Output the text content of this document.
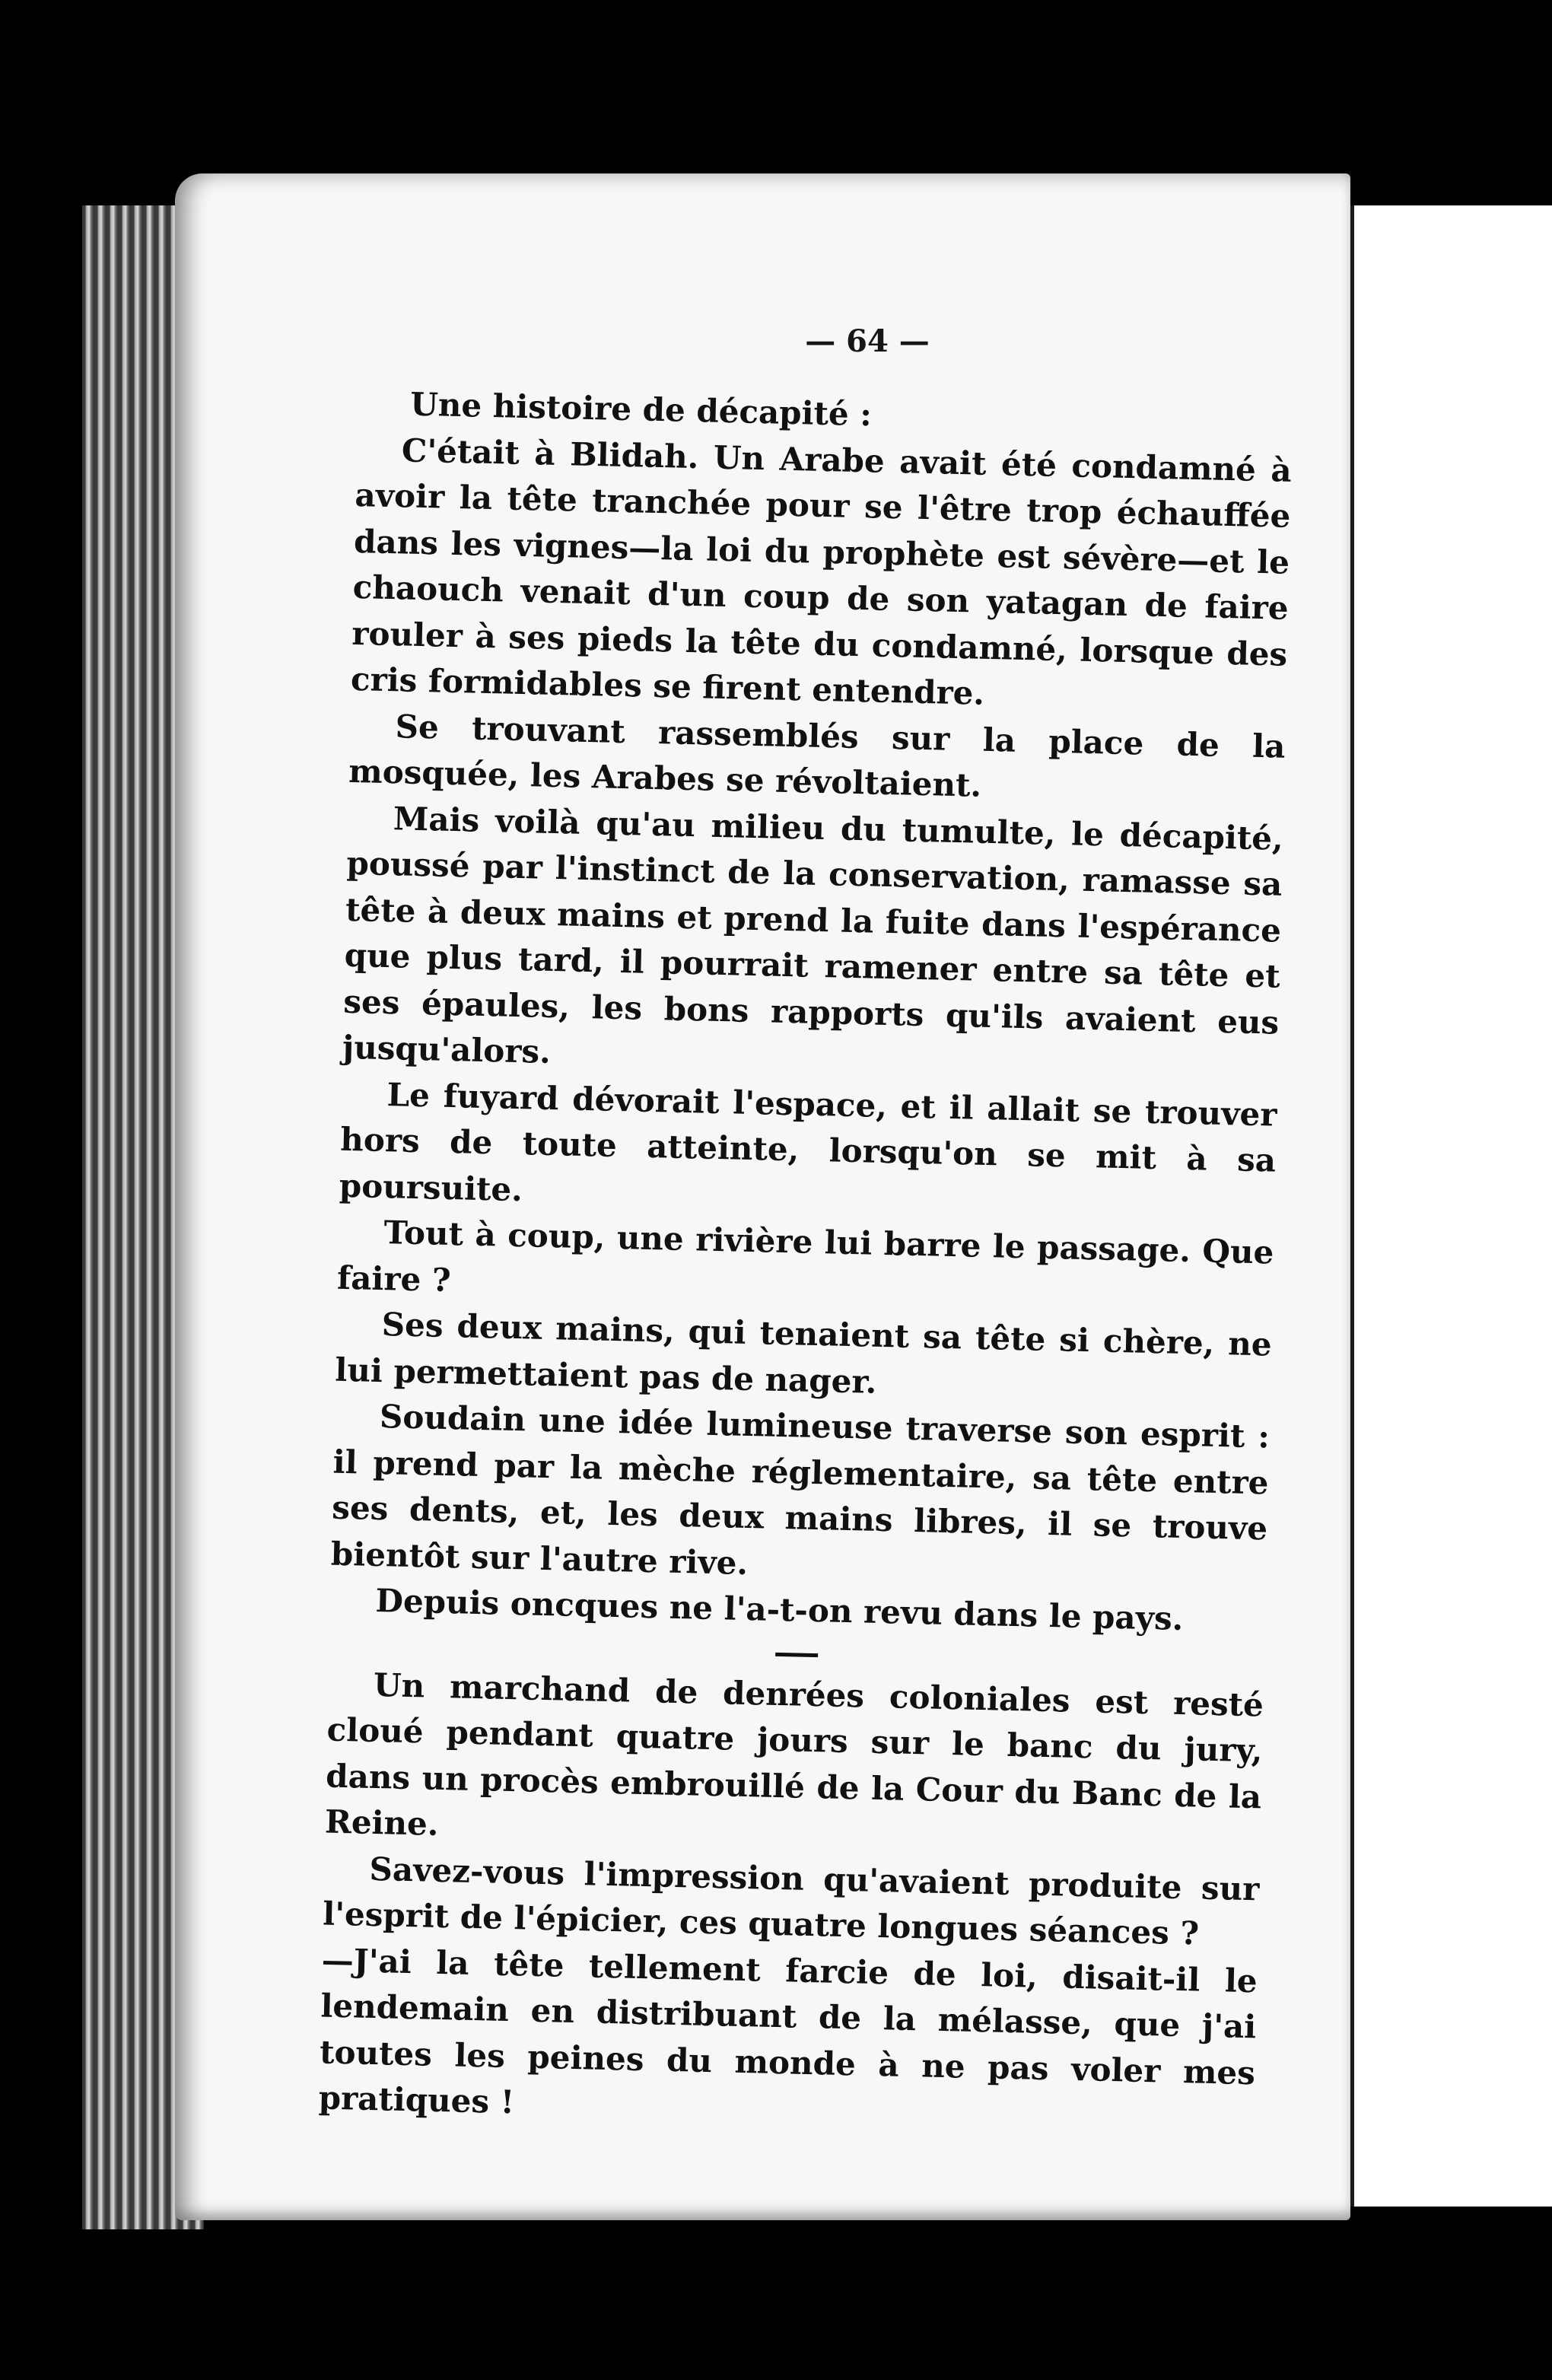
— 64 —

Une histoire de décapité :

C'était à Blidah. Un Arabe avait été condamné à avoir la tête tranchée pour se l'être trop échauffée dans les vignes—la loi du prophète est sévère—et le chaouch venait d'un coup de son yatagan de faire rouler à ses pieds la tête du condamné, lorsque des cris formidables se firent entendre.

Se trouvant rassemblés sur la place de la mosquée, les Arabes se révoltaient.

Mais voilà qu'au milieu du tumulte, le décapité, poussé par l'instinct de la conservation, ramasse sa tête à deux mains et prend la fuite dans l'espérance que plus tard, il pourrait ramener entre sa tête et ses épaules, les bons rapports qu'ils avaient eus jusqu'alors.

Le fuyard dévorait l'espace, et il allait se trouver hors de toute atteinte, lorsqu'on se mit à sa poursuite.

Tout à coup, une rivière lui barre le passage. Que faire ?

Ses deux mains, qui tenaient sa tête si chère, ne lui permettaient pas de nager.

Soudain une idée lumineuse traverse son esprit : il prend par la mèche réglementaire, sa tête entre ses dents, et, les deux mains libres, il se trouve bientôt sur l'autre rive.

Depuis oncques ne l'a-t-on revu dans le pays.

Un marchand de denrées coloniales est resté cloué pendant quatre jours sur le banc du jury, dans un procès embrouillé de la Cour du Banc de la Reine.

Savez-vous l'impression qu'avaient produite sur l'esprit de l'épicier, ces quatre longues séances ?

—J'ai la tête tellement farcie de loi, disait-il le lendemain en distribuant de la mélasse, que j'ai toutes les peines du monde à ne pas voler mes pratiques !
